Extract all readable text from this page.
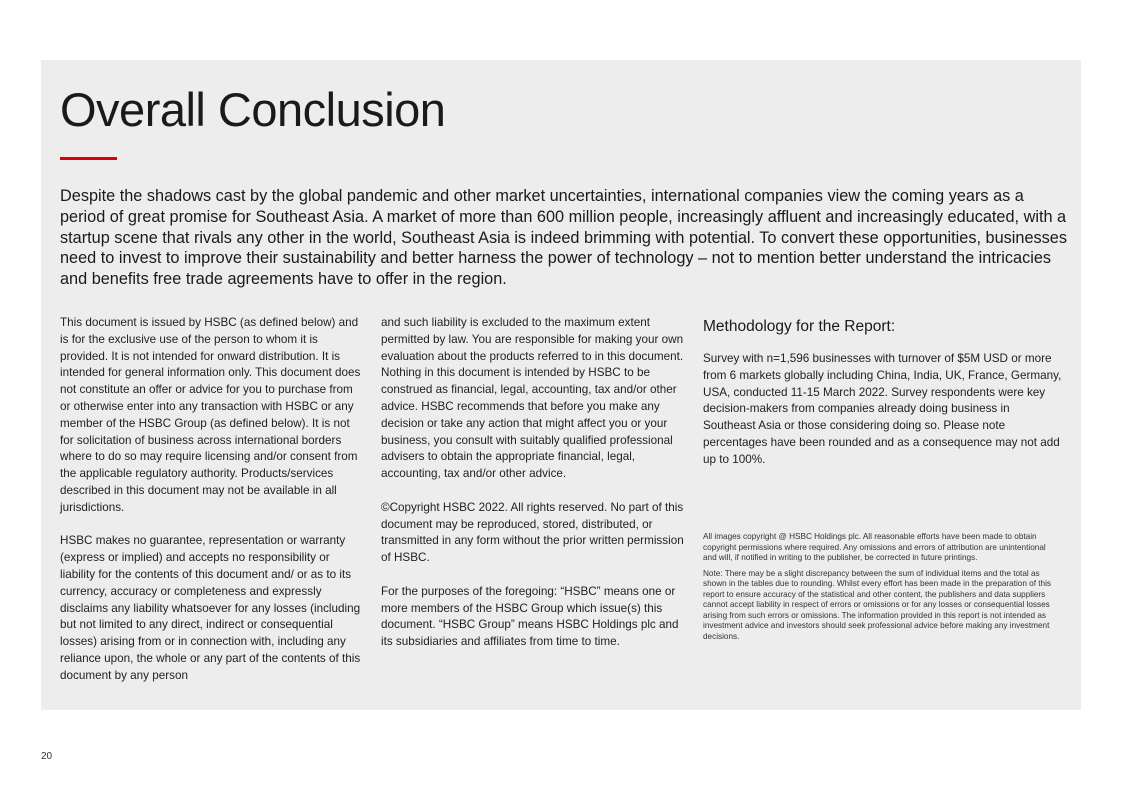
Overall Conclusion

Despite the shadows cast by the global pandemic and other market uncertainties, international companies view the coming years as a period of great promise for Southeast Asia. A market of more than 600 million people, increasingly affluent and increasingly educated, with a startup scene that rivals any other in the world, Southeast Asia is indeed brimming with potential. To convert these opportunities, businesses need to invest to improve their sustainability and better harness the power of technology – not to mention better understand the intricacies and benefits free trade agreements have to offer in the region.

This document is issued by HSBC (as defined below) and is for the exclusive use of the person to whom it is provided. It is not intended for onward distribution. It is intended for general information only. This document does not constitute an offer or advice for you to purchase from or otherwise enter into any transaction with HSBC or any member of the HSBC Group (as defined below). It is not for solicitation of business across international borders where to do so may require licensing and/or consent from the applicable regulatory authority. Products/services described in this document may not be available in all jurisdictions.

HSBC makes no guarantee, representation or warranty (express or implied) and accepts no responsibility or liability for the contents of this document and/ or as to its currency, accuracy or completeness and expressly disclaims any liability whatsoever for any losses (including but not limited to any direct, indirect or consequential losses) arising from or in connection with, including any reliance upon, the whole or any part of the contents of this document by any person

and such liability is excluded to the maximum extent permitted by law. You are responsible for making your own evaluation about the products referred to in this document. Nothing in this document is intended by HSBC to be construed as financial, legal, accounting, tax and/or other advice. HSBC recommends that before you make any decision or take any action that might affect you or your business, you consult with suitably qualified professional advisers to obtain the appropriate financial, legal, accounting, tax and/or other advice.

©Copyright HSBC 2022. All rights reserved. No part of this document may be reproduced, stored, distributed, or transmitted in any form without the prior written permission of HSBC.

For the purposes of the foregoing: “HSBC” means one or more members of the HSBC Group which issue(s) this document. “HSBC Group” means HSBC Holdings plc and its subsidiaries and affiliates from time to time.

Methodology for the Report:

Survey with n=1,596 businesses with turnover of $5M USD or more from 6 markets globally including China, India, UK, France, Germany, USA, conducted 11-15 March 2022. Survey respondents were key decision-makers from companies already doing business in Southeast Asia or those considering doing so. Please note percentages have been rounded and as a consequence may not add up to 100%.

All images copyright @ HSBC Holdings plc. All reasonable efforts have been made to obtain copyright permissions where required. Any omissions and errors of attribution are unintentional and will, if notified in writing to the publisher, be corrected in future printings.

Note: There may be a slight discrepancy between the sum of individual items and the total as shown in the tables due to rounding. Whilst every effort has been made in the preparation of this report to ensure accuracy of the statistical and other content, the publishers and data suppliers cannot accept liability in respect of errors or omissions or for any losses or consequential losses arising from such errors or omissions. The information provided in this report is not intended as investment advice and investors should seek professional advice before making any investment decisions.

20
